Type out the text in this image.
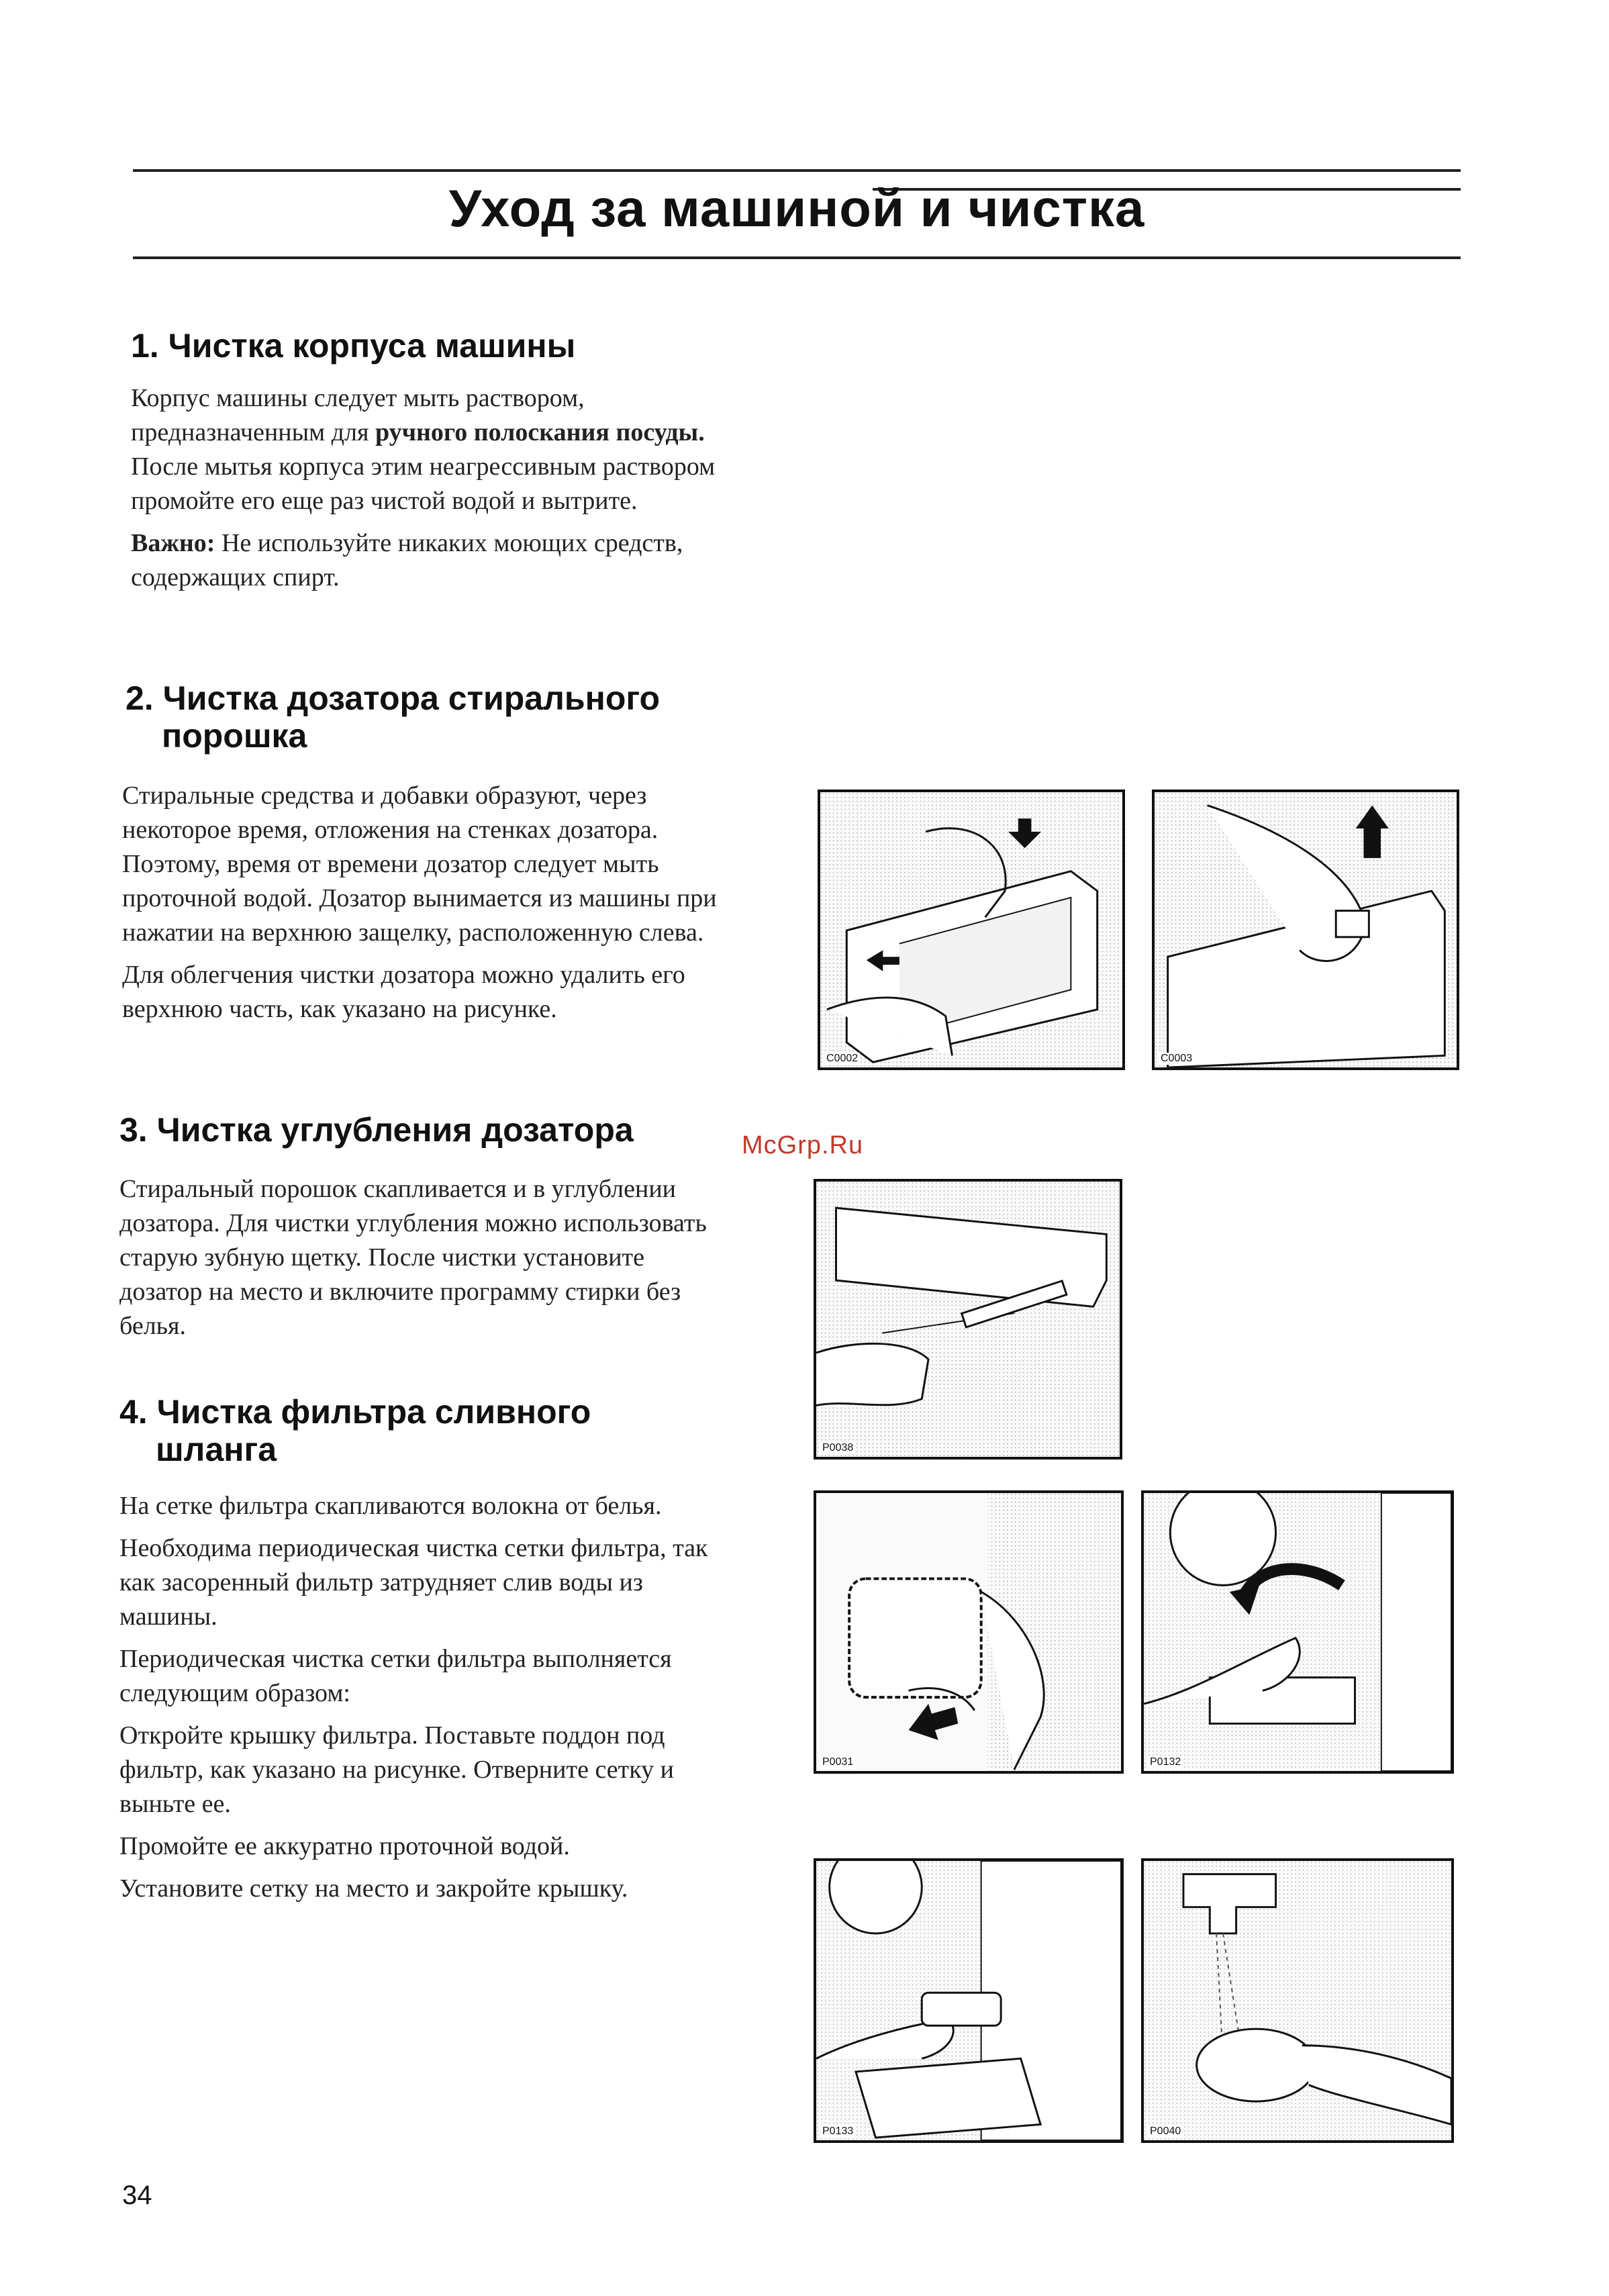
Уход за машиной и чистка
1. Чистка корпуса машины

Корпус машины следует мыть раствором, предназначенным для ручного полоскания посуды. После мытья корпуса этим неагрессивным раствором промойте его еще раз чистой водой и вытрите.

Важно: Не используйте никаких моющих средств, содержащих спирт.

2. Чистка дозатора стирального
порошка

Стиральные средства и добавки образуют, через некоторое время, отложения на стенках дозатора. Поэтому, время от времени дозатор следует мыть проточной водой. Дозатор вынимается из машины при нажатии на верхнюю защелку, расположенную слева.

Для облегчения чистки дозатора можно удалить его верхнюю часть, как указано на рисунке.

3. Чистка углубления дозатора

Стиральный порошок скапливается и в углублении дозатора. Для чистки углубления можно использовать старую зубную щетку. После чистки установите дозатор на место и включите программу стирки без белья.

4. Чистка фильтра сливного
шланга

На сетке фильтра скапливаются волокна от белья.

Необходима периодическая чистка сетки фильтра, так как засоренный фильтр затрудняет слив воды из машины.

Периодическая чистка сетки фильтра выполняется следующим образом:

Откройте крышку фильтра. Поставьте поддон под фильтр, как указано на рисунке. Отверните сетку и выньте ее.

Промойте ее аккуратно проточной водой.

Установите сетку на место и закройте крышку.

C0002	C0003
P0038
P0031	P0132
P0133	P0040
McGrp.Ru
34
